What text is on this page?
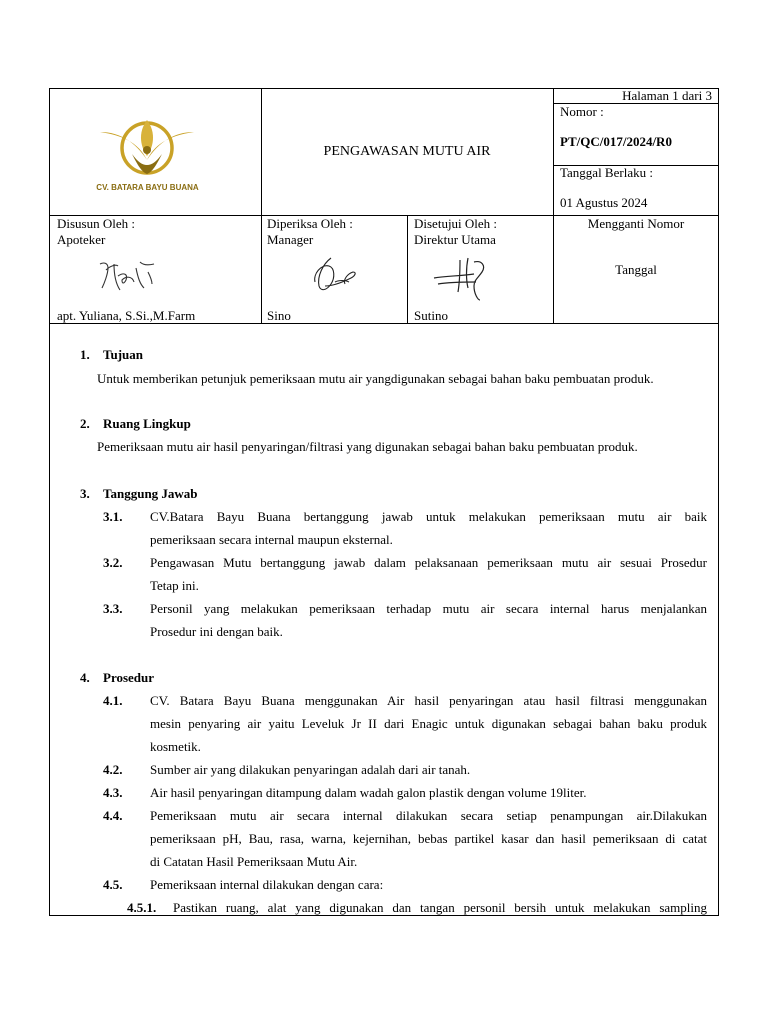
CV. BATARA BAYU BUANA
PENGAWASAN MUTU AIR
Halaman 1 dari 3
Nomor :
PT/QC/017/2024/R0
Tanggal Berlaku :
01 Agustus 2024
Disusun Oleh :
Apoteker
apt. Yuliana, S.Si.,M.Farm
Diperiksa Oleh :
Manager
Sino
Disetujui Oleh :
Direktur Utama
Sutino
Mengganti Nomor
Tanggal
1. Tujuan
Untuk memberikan petunjuk pemeriksaan mutu air yangdigunakan sebagai bahan baku pembuatan produk.
2. Ruang Lingkup
Pemeriksaan mutu air hasil penyaringan/filtrasi yang digunakan sebagai bahan baku pembuatan produk.
3. Tanggung Jawab
3.1. CV.Batara Bayu Buana bertanggung jawab untuk melakukan pemeriksaan mutu air baik
pemeriksaan secara internal maupun eksternal.
3.2. Pengawasan Mutu bertanggung jawab dalam pelaksanaan pemeriksaan mutu air sesuai Prosedur
Tetap ini.
3.3. Personil yang melakukan pemeriksaan terhadap mutu air secara internal harus menjalankan
Prosedur ini dengan baik.
4. Prosedur
4.1. CV. Batara Bayu Buana menggunakan Air hasil penyaringan atau hasil filtrasi menggunakan
mesin penyaring air yaitu Leveluk Jr II dari Enagic untuk digunakan sebagai bahan baku produk
kosmetik.
4.2. Sumber air yang dilakukan penyaringan adalah dari air tanah.
4.3. Air hasil penyaringan ditampung dalam wadah galon plastik dengan volume 19liter.
4.4. Pemeriksaan mutu air secara internal dilakukan secara setiap penampungan air.Dilakukan
pemeriksaan pH, Bau, rasa, warna, kejernihan, bebas partikel kasar dan hasil pemeriksaan di catat
di Catatan Hasil Pemeriksaan Mutu Air.
4.5. Pemeriksaan internal dilakukan dengan cara:
4.5.1. Pastikan ruang, alat yang digunakan dan tangan personil bersih untuk melakukan sampling
